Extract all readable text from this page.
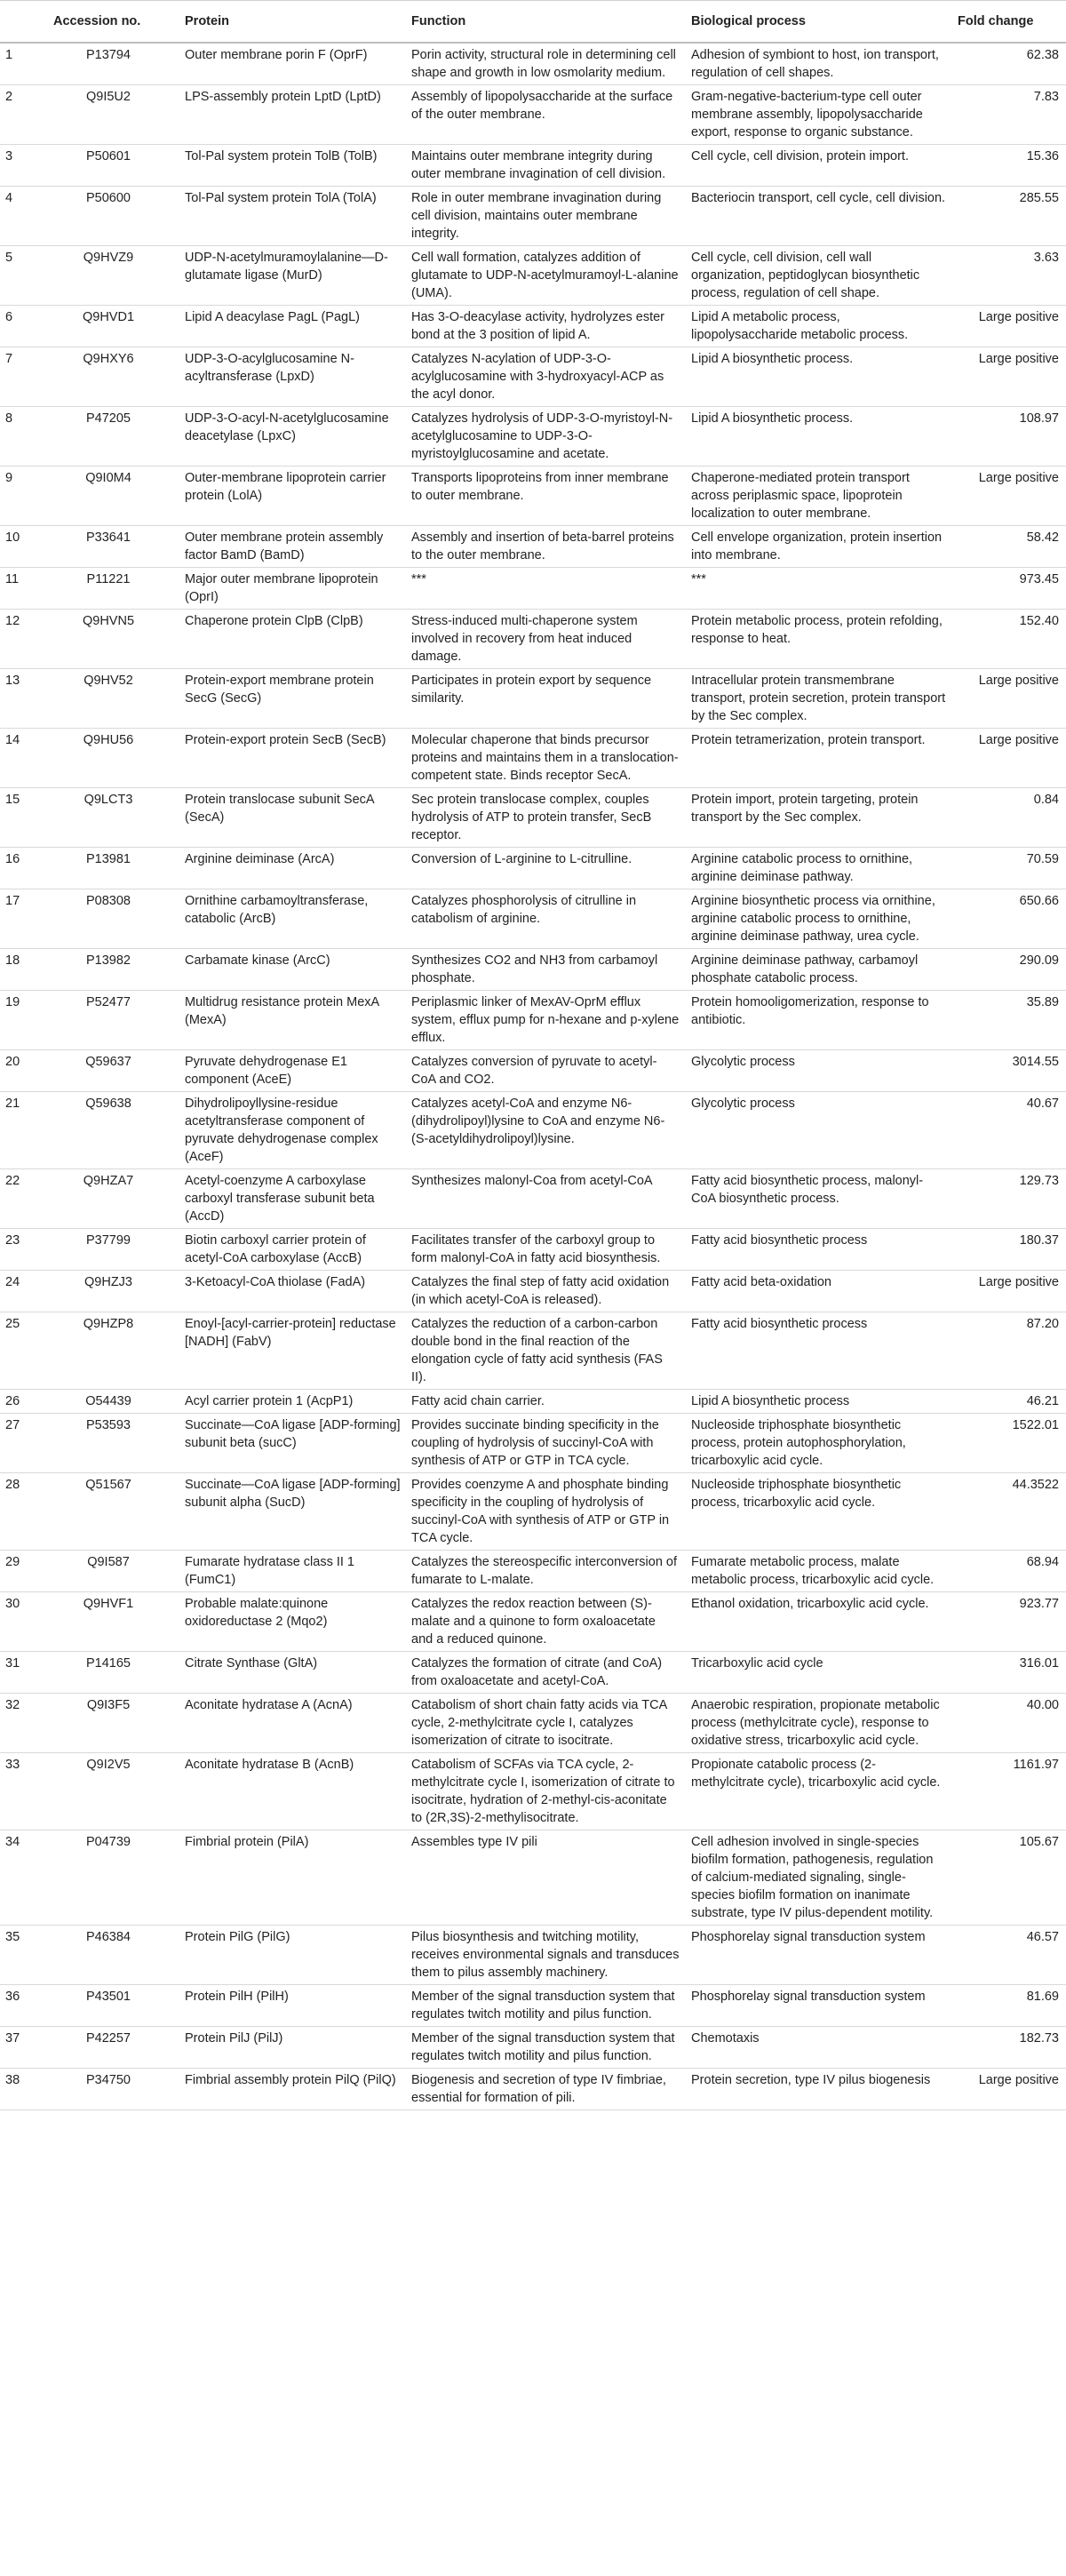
	Accession no.	Protein	Function	Biological process	Fold change
1	P13794	Outer membrane porin F (OprF)	Porin activity, structural role in determining cell shape and growth in low osmolarity medium.	Adhesion of symbiont to host, ion transport, regulation of cell shapes.	62.38
2	Q9I5U2	LPS-assembly protein LptD (LptD)	Assembly of lipopolysaccharide at the surface of the outer membrane.	Gram-negative-bacterium-type cell outer membrane assembly, lipopolysaccharide export, response to organic substance.	7.83
3	P50601	Tol-Pal system protein TolB (TolB)	Maintains outer membrane integrity during outer membrane invagination of cell division.	Cell cycle, cell division, protein import.	15.36
4	P50600	Tol-Pal system protein TolA (TolA)	Role in outer membrane invagination during cell division, maintains outer membrane integrity.	Bacteriocin transport, cell cycle, cell division.	285.55
5	Q9HVZ9	UDP-N-acetylmuramoylalanine—D-glutamate ligase (MurD)	Cell wall formation, catalyzes addition of glutamate to UDP-N-acetylmuramoyl-L-alanine (UMA).	Cell cycle, cell division, cell wall organization, peptidoglycan biosynthetic process, regulation of cell shape.	3.63
6	Q9HVD1	Lipid A deacylase PagL (PagL)	Has 3-O-deacylase activity, hydrolyzes ester bond at the 3 position of lipid A.	Lipid A metabolic process, lipopolysaccharide metabolic process.	Large positive
7	Q9HXY6	UDP-3-O-acylglucosamine N-acyltransferase (LpxD)	Catalyzes N-acylation of UDP-3-O-acylglucosamine with 3-hydroxyacyl-ACP as the acyl donor.	Lipid A biosynthetic process.	Large positive
8	P47205	UDP-3-O-acyl-N-acetylglucosamine deacetylase (LpxC)	Catalyzes hydrolysis of UDP-3-O-myristoyl-N-acetylglucosamine to UDP-3-O-myristoylglucosamine and acetate.	Lipid A biosynthetic process.	108.97
9	Q9I0M4	Outer-membrane lipoprotein carrier protein (LolA)	Transports lipoproteins from inner membrane to outer membrane.	Chaperone-mediated protein transport across periplasmic space, lipoprotein localization to outer membrane.	Large positive
10	P33641	Outer membrane protein assembly factor BamD (BamD)	Assembly and insertion of beta-barrel proteins to the outer membrane.	Cell envelope organization, protein insertion into membrane.	58.42
11	P11221	Major outer membrane lipoprotein (OprI)	***	***	973.45
12	Q9HVN5	Chaperone protein ClpB (ClpB)	Stress-induced multi-chaperone system involved in recovery from heat induced damage.	Protein metabolic process, protein refolding, response to heat.	152.40
13	Q9HV52	Protein-export membrane protein SecG (SecG)	Participates in protein export by sequence similarity.	Intracellular protein transmembrane transport, protein secretion, protein transport by the Sec complex.	Large positive
14	Q9HU56	Protein-export protein SecB (SecB)	Molecular chaperone that binds precursor proteins and maintains them in a translocation-competent state. Binds receptor SecA.	Protein tetramerization, protein transport.	Large positive
15	Q9LCT3	Protein translocase subunit SecA (SecA)	Sec protein translocase complex, couples hydrolysis of ATP to protein transfer, SecB receptor.	Protein import, protein targeting, protein transport by the Sec complex.	0.84
16	P13981	Arginine deiminase (ArcA)	Conversion of L-arginine to L-citrulline.	Arginine catabolic process to ornithine, arginine deiminase pathway.	70.59
17	P08308	Ornithine carbamoyltransferase, catabolic (ArcB)	Catalyzes phosphorolysis of citrulline in catabolism of arginine.	Arginine biosynthetic process via ornithine, arginine catabolic process to ornithine, arginine deiminase pathway, urea cycle.	650.66
18	P13982	Carbamate kinase (ArcC)	Synthesizes CO2 and NH3 from carbamoyl phosphate.	Arginine deiminase pathway, carbamoyl phosphate catabolic process.	290.09
19	P52477	Multidrug resistance protein MexA (MexA)	Periplasmic linker of MexAV-OprM efflux system, efflux pump for n-hexane and p-xylene efflux.	Protein homooligomerization, response to antibiotic.	35.89
20	Q59637	Pyruvate dehydrogenase E1 component (AceE)	Catalyzes conversion of pyruvate to acetyl-CoA and CO2.	Glycolytic process	3014.55
21	Q59638	Dihydrolipoyllysine-residue acetyltransferase component of pyruvate dehydrogenase complex (AceF)	Catalyzes acetyl-CoA and enzyme N6-(dihydrolipoyl)lysine to CoA and enzyme N6-(S-acetyldihydrolipoyl)lysine.	Glycolytic process	40.67
22	Q9HZA7	Acetyl-coenzyme A carboxylase carboxyl transferase subunit beta (AccD)	Synthesizes malonyl-Coa from acetyl-CoA	Fatty acid biosynthetic process, malonyl-CoA biosynthetic process.	129.73
23	P37799	Biotin carboxyl carrier protein of acetyl-CoA carboxylase (AccB)	Facilitates transfer of the carboxyl group to form malonyl-CoA in fatty acid biosynthesis.	Fatty acid biosynthetic process	180.37
24	Q9HZJ3	3-Ketoacyl-CoA thiolase (FadA)	Catalyzes the final step of fatty acid oxidation (in which acetyl-CoA is released).	Fatty acid beta-oxidation	Large positive
25	Q9HZP8	Enoyl-[acyl-carrier-protein] reductase [NADH] (FabV)	Catalyzes the reduction of a carbon-carbon double bond in the final reaction of the elongation cycle of fatty acid synthesis (FAS II).	Fatty acid biosynthetic process	87.20
26	O54439	Acyl carrier protein 1 (AcpP1)	Fatty acid chain carrier.	Lipid A biosynthetic process	46.21
27	P53593	Succinate—CoA ligase [ADP-forming] subunit beta (sucC)	Provides succinate binding specificity in the coupling of hydrolysis of succinyl-CoA with synthesis of ATP or GTP in TCA cycle.	Nucleoside triphosphate biosynthetic process, protein autophosphorylation, tricarboxylic acid cycle.	1522.01
28	Q51567	Succinate—CoA ligase [ADP-forming] subunit alpha (SucD)	Provides coenzyme A and phosphate binding specificity in the coupling of hydrolysis of succinyl-CoA with synthesis of ATP or GTP in TCA cycle.	Nucleoside triphosphate biosynthetic process, tricarboxylic acid cycle.	44.3522
29	Q9I587	Fumarate hydratase class II 1 (FumC1)	Catalyzes the stereospecific interconversion of fumarate to L-malate.	Fumarate metabolic process, malate metabolic process, tricarboxylic acid cycle.	68.94
30	Q9HVF1	Probable malate:quinone oxidoreductase 2 (Mqo2)	Catalyzes the redox reaction between (S)-malate and a quinone to form oxaloacetate and a reduced quinone.	Ethanol oxidation, tricarboxylic acid cycle.	923.77
31	P14165	Citrate Synthase (GltA)	Catalyzes the formation of citrate (and CoA) from oxaloacetate and acetyl-CoA.	Tricarboxylic acid cycle	316.01
32	Q9I3F5	Aconitate hydratase A (AcnA)	Catabolism of short chain fatty acids via TCA cycle, 2-methylcitrate cycle I, catalyzes isomerization of citrate to isocitrate.	Anaerobic respiration, propionate metabolic process (methylcitrate cycle), response to oxidative stress, tricarboxylic acid cycle.	40.00
33	Q9I2V5	Aconitate hydratase B (AcnB)	Catabolism of SCFAs via TCA cycle, 2-methylcitrate cycle I, isomerization of citrate to isocitrate, hydration of 2-methyl-cis-aconitate to (2R,3S)-2-methylisocitrate.	Propionate catabolic process (2-methylcitrate cycle), tricarboxylic acid cycle.	1161.97
34	P04739	Fimbrial protein (PilA)	Assembles type IV pili	Cell adhesion involved in single-species biofilm formation, pathogenesis, regulation of calcium-mediated signaling, single-species biofilm formation on inanimate substrate, type IV pilus-dependent motility.	105.67
35	P46384	Protein PilG (PilG)	Pilus biosynthesis and twitching motility, receives environmental signals and transduces them to pilus assembly machinery.	Phosphorelay signal transduction system	46.57
36	P43501	Protein PilH (PilH)	Member of the signal transduction system that regulates twitch motility and pilus function.	Phosphorelay signal transduction system	81.69
37	P42257	Protein PilJ (PilJ)	Member of the signal transduction system that regulates twitch motility and pilus function.	Chemotaxis	182.73
38	P34750	Fimbrial assembly protein PilQ (PilQ)	Biogenesis and secretion of type IV fimbriae, essential for formation of pili.	Protein secretion, type IV pilus biogenesis	Large positive
